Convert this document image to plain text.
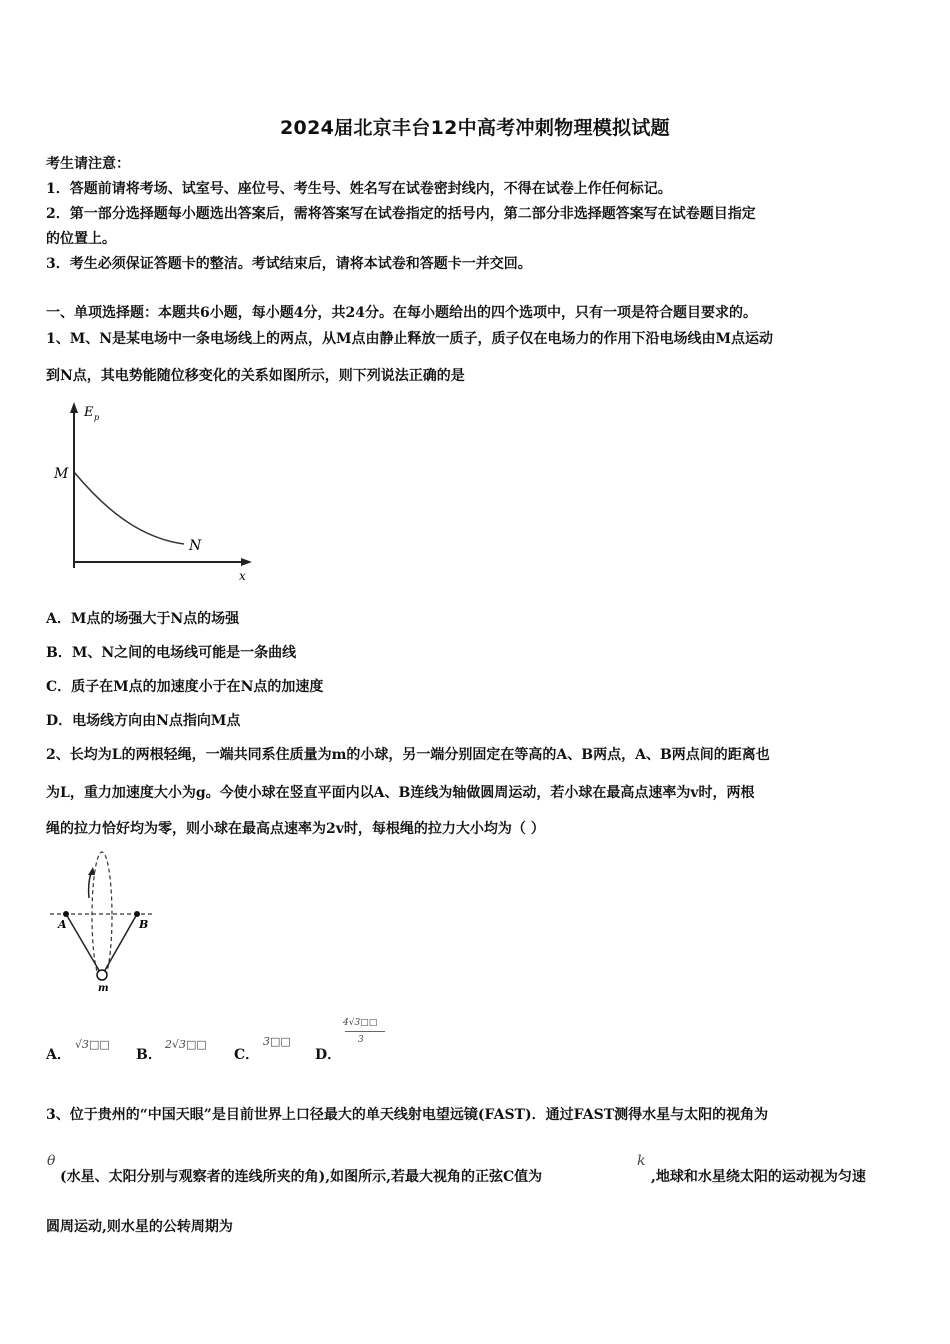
2024届北京丰台12中高考冲刺物理模拟试题
考生请注意：
1．答题前请将考场、试室号、座位号、考生号、姓名写在试卷密封线内，不得在试卷上作任何标记。
2．第一部分选择题每小题选出答案后，需将答案写在试卷指定的括号内，第二部分非选择题答案写在试卷题目指定
的位置上。
3．考生必须保证答题卡的整洁。考试结束后，请将本试卷和答题卡一并交回。
一、单项选择题：本题共6小题，每小题4分，共24分。在每小题给出的四个选项中，只有一项是符合题目要求的。
1、M、N是某电场中一条电场线上的两点，从M点由静止释放一质子，质子仅在电场力的作用下沿电场线由M点运动
到N点，其电势能随位移变化的关系如图所示，则下列说法正确的是
E p
M
N
x
A．M点的场强大于N点的场强
B．M、N之间的电场线可能是一条曲线
C．质子在M点的加速度小于在N点的加速度
D．电场线方向由N点指向M点
2、长均为L的两根轻绳，一端共同系住质量为m的小球，另一端分别固定在等高的A、B两点，A、B两点间的距离也
为L，重力加速度大小为g。今使小球在竖直平面内以A、B连线为轴做圆周运动，若小球在最高点速率为v时，两根
绳的拉力恰好均为零，则小球在最高点速率为2v时，每根绳的拉力大小均为（ ）
A	B
m
A．
√3□□
B．
2√3□□
C．
3□□
D．
4√3□□
3
3、位于贵州的“中国天眼”是目前世界上口径最大的单天线射电望远镜(FAST)．通过FAST测得水星与太阳的视角为
θ
(水星、太阳分别与观察者的连线所夹的角),如图所示,若最大视角的正弦C值为
k
,地球和水星绕太阳的运动视为匀速
圆周运动,则水星的公转周期为
